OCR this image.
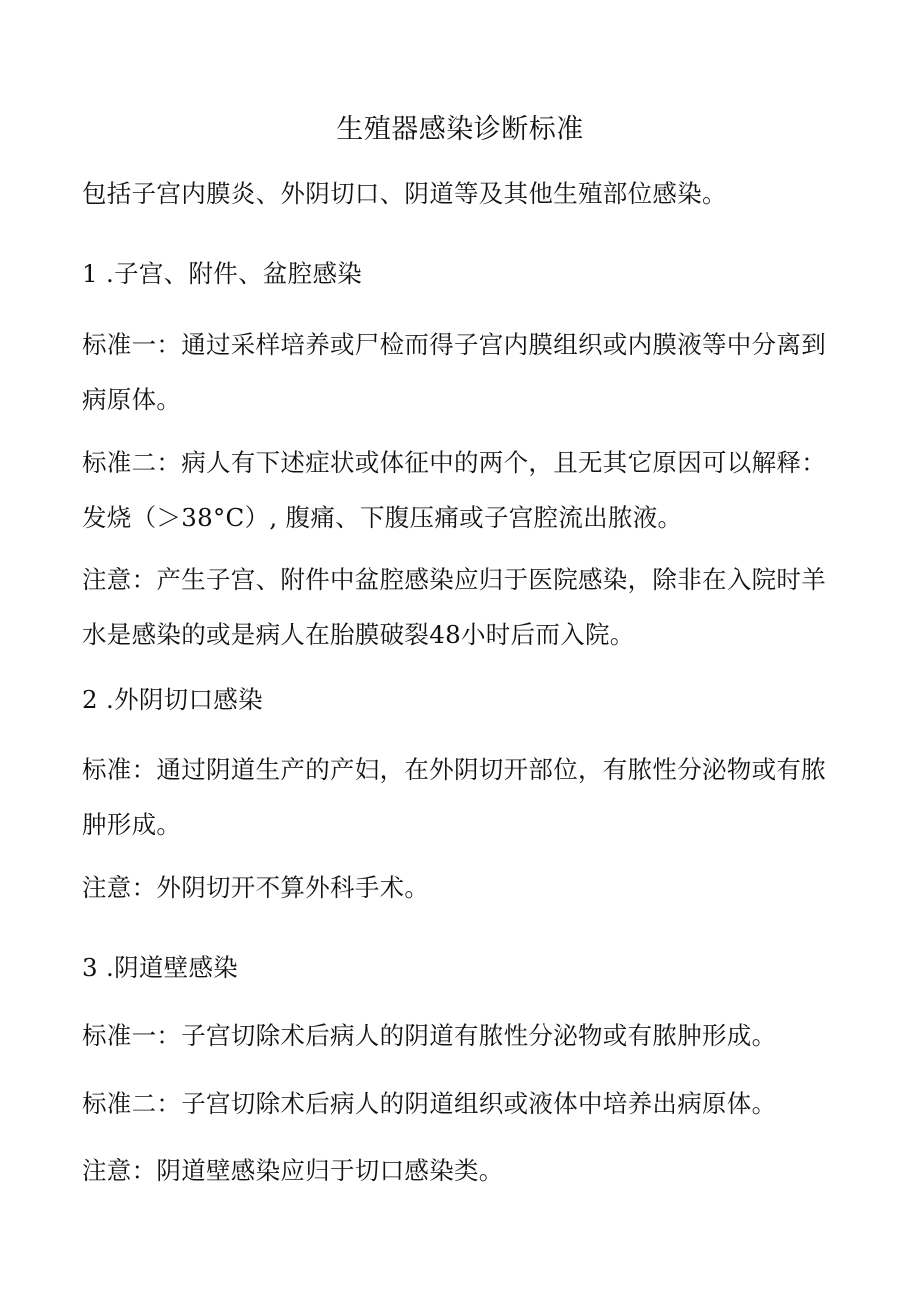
生殖器感染诊断标准

包括子宫内膜炎、外阴切口、阴道等及其他生殖部位感染。

1 .子宫、附件、盆腔感染

标准一：通过采样培养或尸检而得子宫内膜组织或内膜液等中分离到病原体。

标准二：病人有下述症状或体征中的两个，且无其它原因可以解释：发烧（＞38°C）, 腹痛、下腹压痛或子宫腔流出脓液。

注意：产生子宫、附件中盆腔感染应归于医院感染，除非在入院时羊水是感染的或是病人在胎膜破裂48小时后而入院。

2 .外阴切口感染

标准：通过阴道生产的产妇，在外阴切开部位，有脓性分泌物或有脓肿形成。

注意：外阴切开不算外科手术。

3 .阴道壁感染

标准一：子宫切除术后病人的阴道有脓性分泌物或有脓肿形成。

标准二：子宫切除术后病人的阴道组织或液体中培养出病原体。

注意：阴道壁感染应归于切口感染类。
